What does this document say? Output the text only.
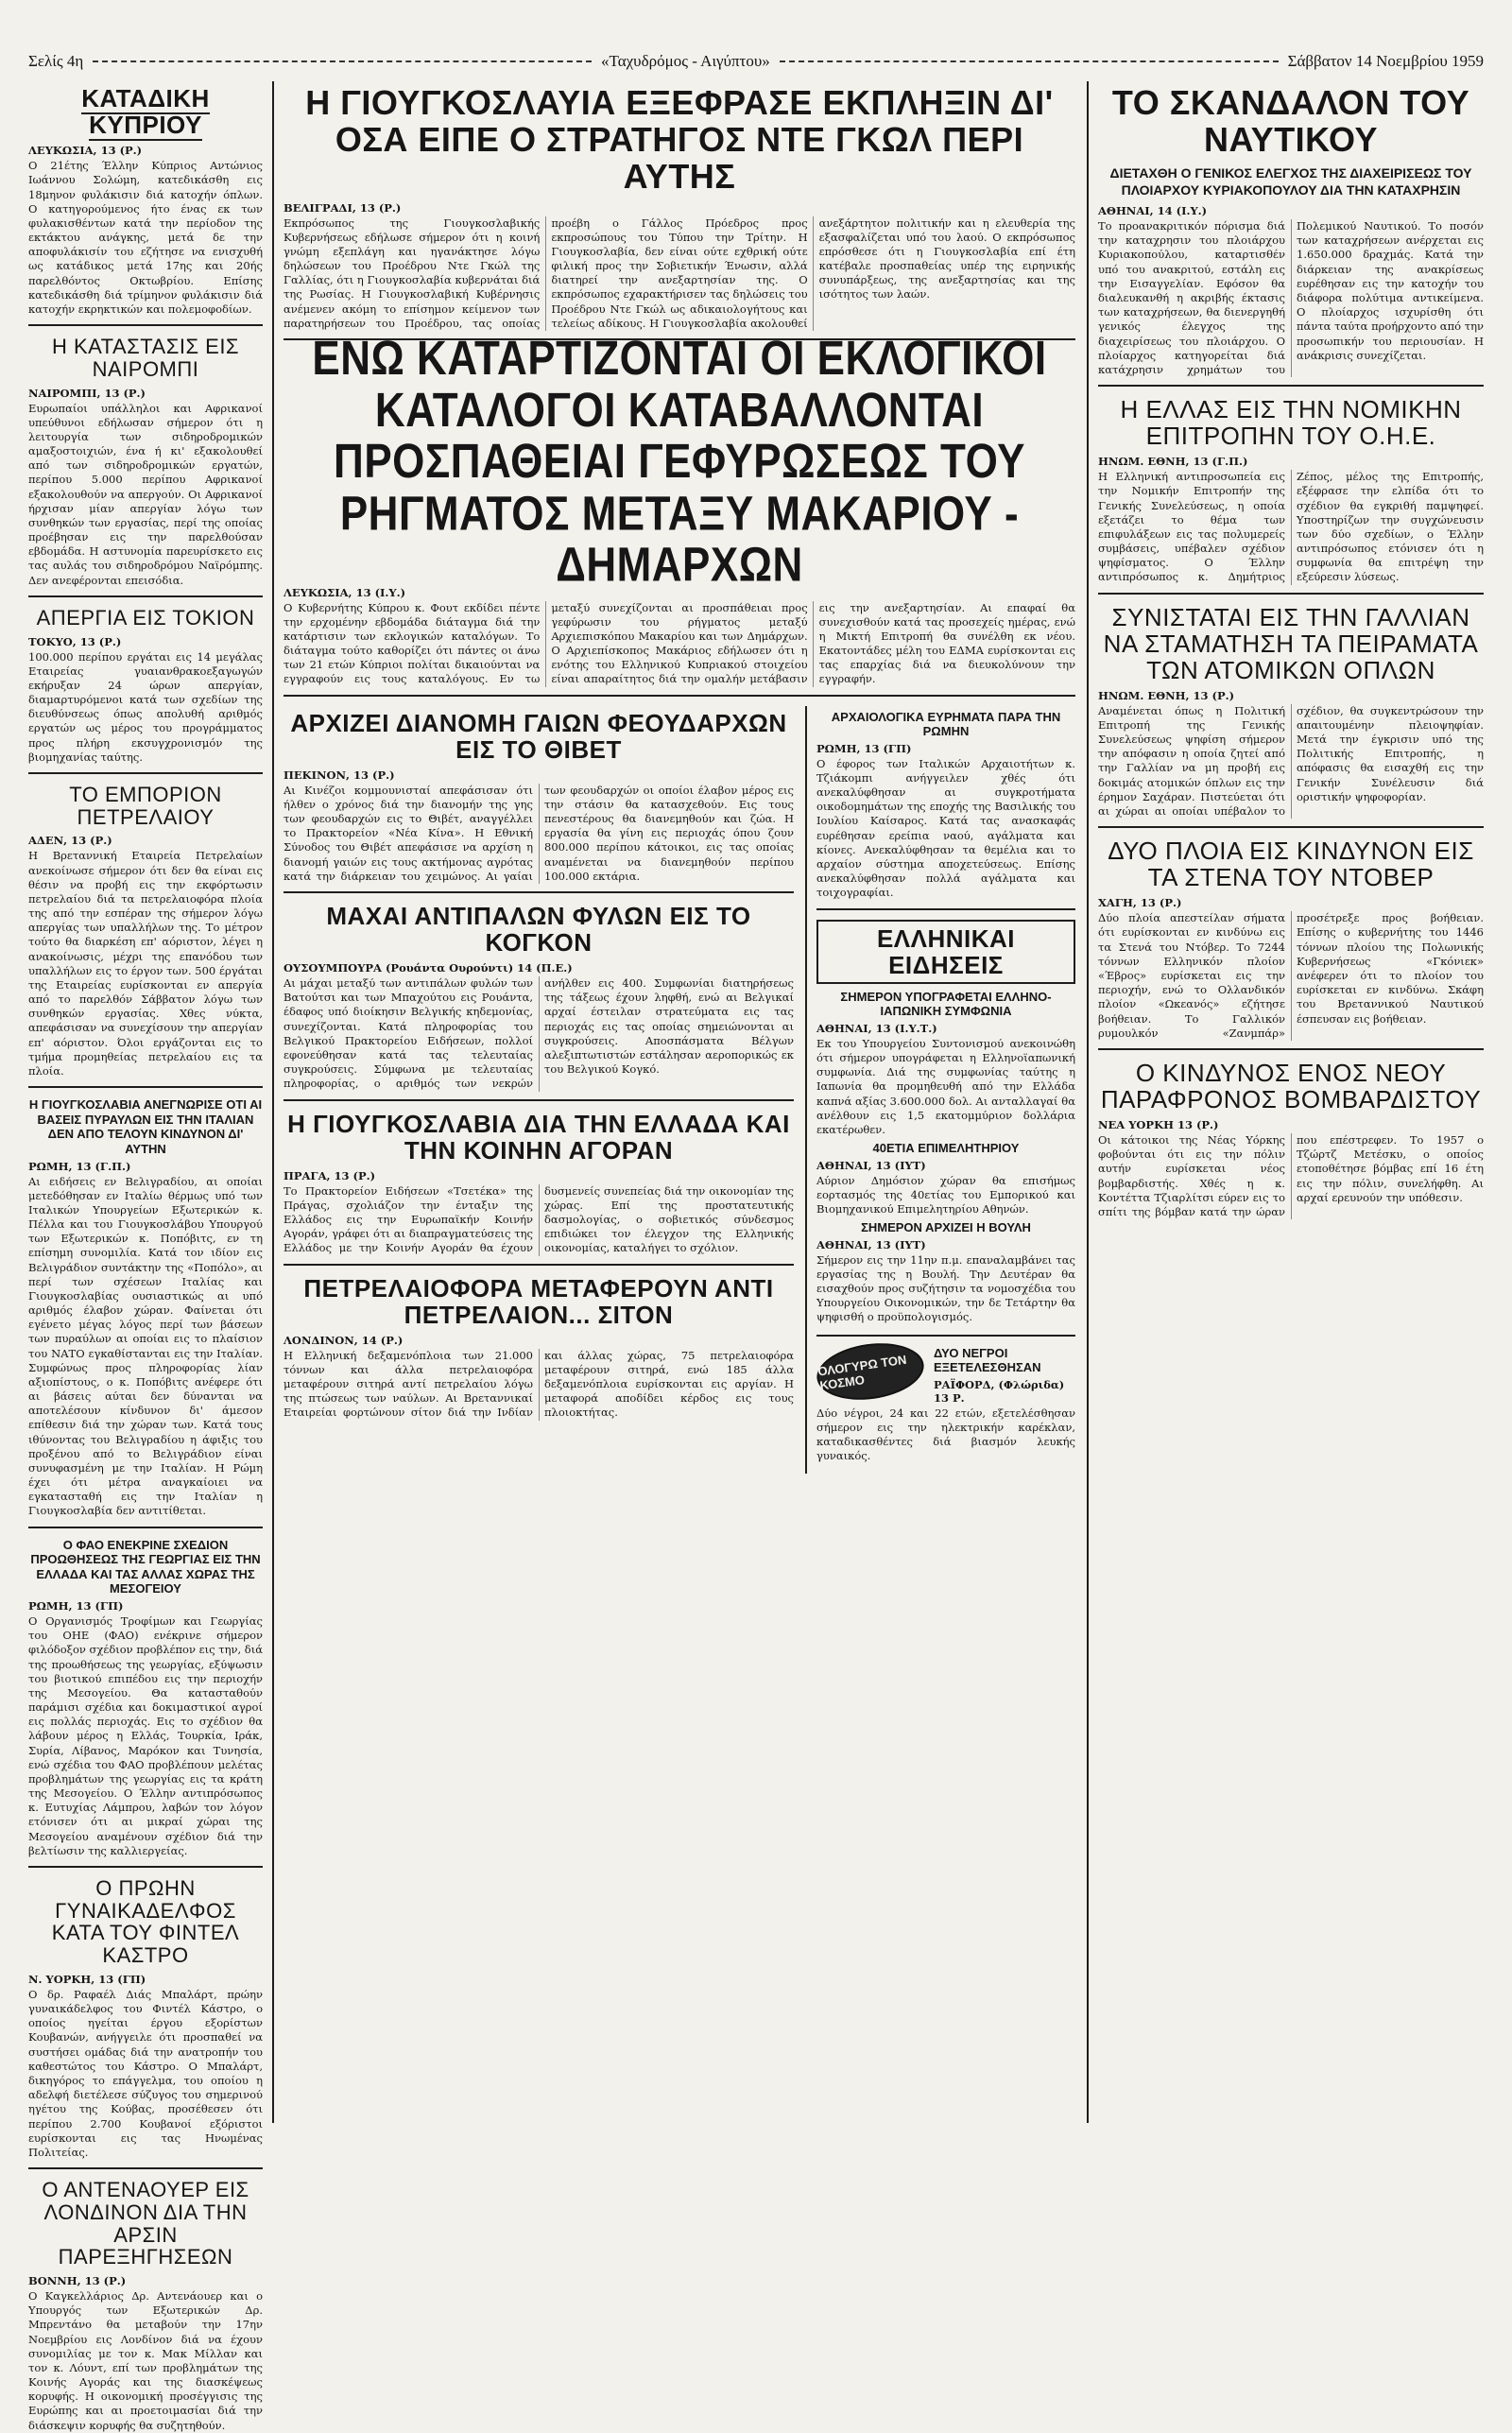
Σελίς 4η	«Ταχυδρόμος - Αιγύπτου»	Σάββατον 14 Νοεμβρίου 1959
ΚΑΤΑΔΙΚΗ ΚΥΠΡΙΟΥ
ΛΕΥΚΩΣΙΑ, 13 (Ρ.)

Ο 21έτης Έλλην Κύπριος Αντώνιος Ιωάννου Σολώμη, κατεδικάσθη εις 18μηνον φυλάκισιν διά κατοχήν όπλων. Ο κατηγορούμενος ήτο ένας εκ των φυλακισθέντων κατά την περίοδον της εκτάκτου ανάγκης, μετά δε την αποφυλάκισίν του εζήτησε να ενισχυθή ως κατάδικος μετά 17ης και 20ής παρελθόντος Οκτωβρίου. Επίσης κατεδικάσθη διά τρίμηνον φυλάκισιν διά κατοχήν εκρηκτικών και πολεμοφοδίων.

Η ΚΑΤΑΣΤΑΣΙΣ ΕΙΣ ΝΑΙΡΟΜΠΙ
ΝΑΙΡΟΜΠΙ, 13 (Ρ.)

Ευρωπαίοι υπάλληλοι και Αφρικανοί υπεύθυνοι εδήλωσαν σήμερον ότι η λειτουργία των σιδηροδρομικών αμαξοστοιχιών, ένα ή κι' εξακολουθεί από των σιδηροδρομικών εργατών, περίπου 5.000 περίπου Αφρικανοί εξακολουθούν να απεργούν. Οι Αφρικανοί ήρχισαν μίαν απεργίαν λόγω των συνθηκών των εργασίας, περί της οποίας προέβησαν εις την παρελθούσαν εβδομάδα. Η αστυνομία παρευρίσκετο εις τας αυλάς του σιδηροδρόμου Ναϊρόμπης. Δεν ανεφέρονται επεισόδια.

ΑΠΕΡΓΙΑ ΕΙΣ ΤΟΚΙΟΝ
ΤΟΚΥΟ, 13 (Ρ.)

100.000 περίπου εργάται εις 14 μεγάλας Εταιρείας γυαιανθρακοεξαγωγών εκήρυξαν 24 ώρων απεργίαν, διαμαρτυρόμενοι κατά των σχεδίων της διευθύνσεως όπως απολυθή αριθμός εργατών ως μέρος του προγράμματος προς πλήρη εκσυγχρονισμόν της βιομηχανίας ταύτης.

ΤΟ ΕΜΠΟΡΙΟΝ ΠΕΤΡΕΛΑΙΟΥ
ΑΔΕΝ, 13 (Ρ.)

Η Βρεταννική Εταιρεία Πετρελαίων ανεκοίνωσε σήμερον ότι δεν θα είναι εις θέσιν να προβή εις την εκφόρτωσιν πετρελαίου διά τα πετρελαιοφόρα πλοία της από την εσπέραν της σήμερον λόγω απεργίας των υπαλλήλων της. Το μέτρον τούτο θα διαρκέση επ' αόριστον, λέγει η ανακοίνωσις, μέχρι της επανόδου των υπαλλήλων εις το έργον των. 500 έργάται της Εταιρείας ευρίσκονται εν απεργία από το παρελθόν Σάββατον λόγω των συνθηκών εργασίας. Χθες νύκτα, απεφάσισαν να συνεχίσουν την απεργίαν επ' αόριστον. Όλοι εργάζονται εις το τμήμα προμηθείας πετρελαίου εις τα πλοία.

Η ΓΙΟΥΓΚΟΣΛΑΒΙΑ ΑΝΕΓΝΩΡΙΣΕ ΟΤΙ ΑΙ ΒΑΣΕΙΣ ΠΥΡΑΥΛΩΝ ΕΙΣ ΤΗΝ ΙΤΑΛΙΑΝ ΔΕΝ ΑΠΟ ΤΕΛΟΥΝ ΚΙΝΔΥΝΟΝ ΔΙ' ΑΥΤΗΝ
ΡΩΜΗ, 13 (Γ.Π.)

Αι ειδήσεις εν Βελιγραδίου, αι οποίαι μετεδόθησαν εν Ιταλίω θέρμως υπό των Ιταλικών Υπουργείων Εξωτερικών κ. Πέλλα και του Γιουγκοσλάβου Υπουργού των Εξωτερικών κ. Ποπόβιτς, εν τη επίσημη συνομιλία. Κατά τον ιδίον εις Βελιγράδιον συντάκτην της «Ποπόλο», αι περί των σχέσεων Ιταλίας και Γιουγκοσλαβίας ουσιαστικώς αι υπό αριθμός έλαβον χώραν. Φαίνεται ότι εγένετο μέγας λόγος περί των βάσεων των πυραύλων αι οποίαι εις το πλαίσιον του ΝΑΤΟ εγκαθίστανται εις την Ιταλίαν. Συμφώνως προς πληροφορίας λίαν αξιοπίστους, ο κ. Ποπόβιτς ανέφερε ότι αι βάσεις αύται δεν δύνανται να αποτελέσουν κίνδυνον δι' άμεσον επίθεσιν διά την χώραν των. Κατά τους ιθύνοντας του Βελιγραδίου η άφιξις του προξένου από το Βελιγράδιον είναι συνυφασμένη με την Ιταλίαν. Η Ρώμη έχει ότι μέτρα αναγκαίοιει να εγκατασταθή εις την Ιταλίαν η Γιουγκοσλαβία δεν αντιτίθεται.

Ο ΦΑΟ ΕΝΕΚΡΙΝΕ ΣΧΕΔΙΟΝ ΠΡΟΩΘΗΣΕΩΣ ΤΗΣ ΓΕΩΡΓΙΑΣ ΕΙΣ ΤΗΝ ΕΛΛΑΔΑ ΚΑΙ ΤΑΣ ΑΛΛΑΣ ΧΩΡΑΣ ΤΗΣ ΜΕΣΟΓΕΙΟΥ
ΡΩΜΗ, 13 (ΓΠ)

Ο Οργανισμός Τροφίμων και Γεωργίας του ΟΗΕ (ΦΑΟ) ενέκρινε σήμερον φιλόδοξον σχέδιον προβλέπον εις την, διά της προωθήσεως της γεωργίας, εξύψωσιν του βιοτικού επιπέδου εις την περιοχήν της Μεσογείου. Θα κατασταθούν παράμισι σχέδια και δοκιμαστικοί αγροί εις πολλάς περιοχάς. Εις το σχέδιον θα λάβουν μέρος η Ελλάς, Τουρκία, Ιράκ, Συρία, Λίβανος, Μαρόκον και Τυνησία, ενώ σχέδια του ΦΑΟ προβλέπουν μελέτας προβλημάτων της γεωργίας εις τα κράτη της Μεσογείου. Ο Έλλην αντιπρόσωπος κ. Ευτυχίας Λάμπρου, λαβών τον λόγον ετόνισεν ότι αι μικραί χώραι της Μεσογείου αναμένουν σχέδιον διά την βελτίωσιν της καλλιεργείας.

Ο ΠΡΩΗΝ ΓΥΝΑΙΚΑΔΕΛΦΟΣ ΚΑΤΑ ΤΟΥ ΦΙΝΤΕΛ ΚΑΣΤΡΟ
Ν. ΥΟΡΚΗ, 13 (ΓΠ)

Ο δρ. Ραφαέλ Διάς Μπαλάρτ, πρώην γυναικάδελφος του Φιντέλ Κάστρο, ο οποίος ηγείται έργου εξορίστων Κουβανών, ανήγγειλε ότι προσπαθεί να συστήσει ομάδας διά την ανατροπήν του καθεστώτος του Κάστρο. Ο Μπαλάρτ, δικηγόρος το επάγγελμα, του οποίου η αδελφή διετέλεσε σύζυγος του σημερινού ηγέτου της Κούβας, προσέθεσεν ότι περίπου 2.700 Κουβανοί εξόριστοι ευρίσκονται εις τας Ηνωμένας Πολιτείας.

Ο ΑΝΤΕΝΑΟΥΕΡ ΕΙΣ ΛΟΝΔΙΝΟΝ ΔΙΑ ΤΗΝ ΑΡΣΙΝ ΠΑΡΕΞΗΓΗΣΕΩΝ
ΒΟΝΝΗ, 13 (Ρ.)

Ο Καγκελλάριος Δρ. Αντενάουερ και ο Υπουργός των Εξωτερικών Δρ. Μπρεντάνο θα μεταβούν την 17ην Νοεμβρίου εις Λονδίνον διά να έχουν συνομιλίας με τον κ. Μακ Μίλλαν και τον κ. Λόυντ, επί των προβλημάτων της Κοινής Αγοράς και της διασκέψεως κορυφής. Η οικονομική προσέγγισις της Ευρώπης και αι προετοιμασίαι διά την διάσκεψιν κορυφής θα συζητηθούν.

Η ΓΙΟΥΓΚΟΣΛΑΥΙΑ ΕΞΕΦΡΑΣΕ ΕΚΠΛΗΞΙΝ ΔΙ' ΟΣΑ ΕΙΠΕ Ο ΣΤΡΑΤΗΓΟΣ ΝΤΕ ΓΚΩΛ ΠΕΡΙ ΑΥΤΗΣ
ΒΕΛΙΓΡΑΔΙ, 13 (Ρ.)

Εκπρόσωπος της Γιουγκοσλαβικής Κυβερνήσεως εδήλωσε σήμερον ότι η κοινή γνώμη εξεπλάγη και ηγανάκτησε λόγω δηλώσεων του Προέδρου Ντε Γκώλ της Γαλλίας, ότι η Γιουγκοσλαβία κυβερνάται διά της Ρωσίας. Η Γιουγκοσλαβική Κυβέρνησις ανέμενεν ακόμη το επίσημον κείμενον των παρατηρήσεων του Προέδρου, τας οποίας προέβη ο Γάλλος Πρόεδρος προς εκπροσώπους του Τύπου την Τρίτην. Η Γιουγκοσλαβία, δεν είναι ούτε εχθρική ούτε φιλική προς την Σοβιετικήν Ένωσιν, αλλά διατηρεί την ανεξαρτησίαν της. Ο εκπρόσωπος εχαρακτήρισεν τας δηλώσεις του Προέδρου Ντε Γκώλ ως αδικαιολογήτους και τελείως αδίκους. Η Γιουγκοσλαβία ακολουθεί ανεξάρτητον πολιτικήν και η ελευθερία της εξασφαλίζεται υπό του λαού. Ο εκπρόσωπος επρόσθεσε ότι η Γιουγκοσλαβία επί έτη κατέβαλε προσπαθείας υπέρ της ειρηνικής συνυπάρξεως, της ανεξαρτησίας και της ισότητος των λαών.

ΕΝΩ ΚΑΤΑΡΤΙΖΟΝΤΑΙ ΟΙ ΕΚΛΟΓΙΚΟΙ ΚΑΤΑΛΟΓΟΙ ΚΑΤΑΒΑΛΛΟΝΤΑΙ ΠΡΟΣΠΑΘΕΙΑΙ ΓΕΦΥΡΩΣΕΩΣ ΤΟΥ ΡΗΓΜΑΤΟΣ ΜΕΤΑΞΥ ΜΑΚΑΡΙΟΥ - ΔΗΜΑΡΧΩΝ
ΛΕΥΚΩΣΙΑ, 13 (Ι.Υ.)

Ο Κυβερνήτης Κύπρου κ. Φουτ εκδίδει πέντε την ερχομένην εβδομάδα διάταγμα διά την κατάρτισιν των εκλογικών καταλόγων. Το διάταγμα τούτο καθορίζει ότι πάντες οι άνω των 21 ετών Κύπριοι πολίται δικαιούνται να εγγραφούν εις τους καταλόγους. Εν τω μεταξύ συνεχίζονται αι προσπάθειαι προς γεφύρωσιν του ρήγματος μεταξύ Αρχιεπισκόπου Μακαρίου και των Δημάρχων. Ο Αρχιεπίσκοπος Μακάριος εδήλωσεν ότι η ενότης του Ελληνικού Κυπριακού στοιχείου είναι απαραίτητος διά την ομαλήν μετάβασιν εις την ανεξαρτησίαν. Αι επαφαί θα συνεχισθούν κατά τας προσεχείς ημέρας, ενώ η Μικτή Επιτροπή θα συνέλθη εκ νέου. Εκατοντάδες μέλη του ΕΔΜΑ ευρίσκονται εις τας επαρχίας διά να διευκολύνουν την εγγραφήν.

ΑΡΧΙΖΕΙ ΔΙΑΝΟΜΗ ΓΑΙΩΝ ΦΕΟΥΔΑΡΧΩΝ ΕΙΣ ΤΟ ΘΙΒΕΤ
ΠΕΚΙΝΟΝ, 13 (Ρ.)

Αι Κινέζοι κομμουνισταί απεφάσισαν ότι ήλθεν ο χρόνος διά την διανομήν της γης των φεουδαρχών εις το Θιβέτ, αναγγέλλει το Πρακτορείον «Νέα Κίνα». Η Εθνική Σύνοδος του Θιβέτ απεφάσισε να αρχίση η διανομή γαιών εις τους ακτήμονας αγρότας κατά την διάρκειαν του χειμώνος. Αι γαίαι των φεουδαρχών οι οποίοι έλαβον μέρος εις την στάσιν θα κατασχεθούν. Εις τους πενεστέρους θα διανεμηθούν και ζώα. Η εργασία θα γίνη εις περιοχάς όπου ζουν 800.000 περίπου κάτοικοι, εις τας οποίας αναμένεται να διανεμηθούν περίπου 100.000 εκτάρια.

ΜΑΧΑΙ ΑΝΤΙΠΑΛΩΝ ΦΥΛΩΝ ΕΙΣ ΤΟ ΚΟΓΚΟΝ
ΟΥΣΟΥΜΠΟΥΡΑ (Ρουάντα Ουρούντι) 14 (Π.Ε.)

Αι μάχαι μεταξύ των αντιπάλων φυλών των Βατούτσι και των Μπαχούτου εις Ρουάντα, έδαφος υπό διοίκησιν Βελγικής κηδεμονίας, συνεχίζονται. Κατά πληροφορίας του Βελγικού Πρακτορείου Ειδήσεων, πολλοί εφονεύθησαν κατά τας τελευταίας συγκρούσεις. Σύμφωνα με τελευταίας πληροφορίας, ο αριθμός των νεκρών ανήλθεν εις 400. Συμφωνίαι διατηρήσεως της τάξεως έχουν ληφθή, ενώ αι Βελγικαί αρχαί έστειλαν στρατεύματα εις τας περιοχάς εις τας οποίας σημειώνονται αι συγκρούσεις. Αποσπάσματα Βέλγων αλεξιπτωτιστών εστάλησαν αεροπορικώς εκ του Βελγικού Κογκό.

Η ΓΙΟΥΓΚΟΣΛΑΒΙΑ ΔΙΑ ΤΗΝ ΕΛΛΑΔΑ ΚΑΙ ΤΗΝ ΚΟΙΝΗΝ ΑΓΟΡΑΝ
ΠΡΑΓΑ, 13 (Ρ.)

Το Πρακτορείον Ειδήσεων «Τσετέκα» της Πράγας, σχολιάζον την ένταξιν της Ελλάδος εις την Ευρωπαϊκήν Κοινήν Αγοράν, γράφει ότι αι διαπραγματεύσεις της Ελλάδος με την Κοινήν Αγοράν θα έχουν δυσμενείς συνεπείας διά την οικονομίαν της χώρας. Επί της προστατευτικής δασμολογίας, ο σοβιετικός σύνδεσμος επιδιώκει τον έλεγχον της Ελληνικής οικονομίας, καταλήγει το σχόλιον.

ΠΕΤΡΕΛΑΙΟΦΟΡΑ ΜΕΤΑΦΕΡΟΥΝ ΑΝΤΙ ΠΕΤΡΕΛΑΙΟΝ... ΣΙΤΟΝ
ΛΟΝΔΙΝΟΝ, 14 (Ρ.)

Η Ελληνική δεξαμενόπλοια των 21.000 τόννων και άλλα πετρελαιοφόρα μεταφέρουν σιτηρά αντί πετρελαίου λόγω της πτώσεως των ναύλων. Αι Βρεταννικαί Εταιρείαι φορτώνουν σίτον διά την Ινδίαν και άλλας χώρας, 75 πετρελαιοφόρα μεταφέρουν σιτηρά, ενώ 185 άλλα δεξαμενόπλοια ευρίσκονται εις αργίαν. Η μεταφορά αποδίδει κέρδος εις τους πλοιοκτήτας.

ΑΡΧΑΙΟΛΟΓΙΚΑ ΕΥΡΗΜΑΤΑ ΠΑΡΑ ΤΗΝ ΡΩΜΗΝ
ΡΩΜΗ, 13 (ΓΠ)

Ο έφορος των Ιταλικών Αρχαιοτήτων κ. Τζιάκομπι ανήγγειλεν χθές ότι ανεκαλύφθησαν αι συγκροτήματα οικοδομημάτων της εποχής της Βασιλικής του Ιουλίου Καίσαρος. Κατά τας ανασκαφάς ευρέθησαν ερείπια ναού, αγάλματα και κίονες. Ανεκαλύφθησαν τα θεμέλια και το αρχαίον σύστημα αποχετεύσεως. Επίσης ανεκαλύφθησαν πολλά αγάλματα και τοιχογραφίαι.

ΕΛΛΗΝΙΚΑΙ ΕΙΔΗΣΕΙΣ
ΣΗΜΕΡΟΝ ΥΠΟΓΡΑΦΕΤΑΙ ΕΛΛΗΝΟ-ΙΑΠΩΝΙΚΗ ΣΥΜΦΩΝΙΑ
ΑΘΗΝΑΙ, 13 (Ι.Υ.Τ.)

Εκ του Υπουργείου Συντονισμού ανεκοινώθη ότι σήμερον υπογράφεται η Ελληνοϊαπωνική συμφωνία. Διά της συμφωνίας ταύτης η Ιαπωνία θα προμηθευθή από την Ελλάδα καπνά αξίας 3.600.000 δολ. Αι ανταλλαγαί θα ανέλθουν εις 1,5 εκατομμύριον δολλάρια εκατέρωθεν.

40ΕΤΙΑ ΕΠΙΜΕΛΗΤΗΡΙΟΥ
ΑΘΗΝΑΙ, 13 (ΙΥΤ)

Αύριον Δημόσιον χώραν θα επισήμως εορτασμός της 40ετίας του Εμπορικού και Βιομηχανικού Επιμελητηρίου Αθηνών.

ΣΗΜΕΡΟΝ ΑΡΧΙΖΕΙ Η ΒΟΥΛΗ
ΑΘΗΝΑΙ, 13 (ΙΥΤ)

Σήμερον εις την 11ην π.μ. επαναλαμβάνει τας εργασίας της η Βουλή. Την Δευτέραν θα εισαχθούν προς συζήτησιν τα νομοσχέδια του Υπουργείου Οικονομικών, την δε Τετάρτην θα ψηφισθή ο προϋπολογισμός.

ΟΛΟΓΥΡΩ ΤΟΝ ΚΟΣΜΟ
ΔΥΟ ΝΕΓΡΟΙ ΕΞΕΤΕΛΕΣΘΗΣΑΝ
ΡΑΪΦΟΡΔ, (Φλώριδα) 13 Ρ.

Δύο νέγροι, 24 και 22 ετών, εξετελέσθησαν σήμερον εις την ηλεκτρικήν καρέκλαν, καταδικασθέντες διά βιασμόν λευκής γυναικός.

ΤΟ ΣΚΑΝΔΑΛΟΝ ΤΟΥ ΝΑΥΤΙΚΟΥ
ΔΙΕΤΑΧΘΗ Ο ΓΕΝΙΚΟΣ ΕΛΕΓΧΟΣ ΤΗΣ ΔΙΑΧΕΙΡΙΣΕΩΣ ΤΟΥ ΠΛΟΙΑΡΧΟΥ ΚΥΡΙΑΚΟΠΟΥΛΟΥ ΔΙΑ ΤΗΝ ΚΑΤΑΧΡΗΣΙΝ
ΑΘΗΝΑΙ, 14 (Ι.Υ.)

Το προανακριτικόν πόρισμα διά την καταχρησιν του πλοιάρχου Κυριακοπούλου, καταρτισθέν υπό του ανακριτού, εστάλη εις την Εισαγγελίαν. Εφόσον θα διαλευκανθή η ακριβής έκτασις των καταχρήσεων, θα διενεργηθή γενικός έλεγχος της διαχειρίσεως του πλοιάρχου. Ο πλοίαρχος κατηγορείται διά κατάχρησιν χρημάτων του Πολεμικού Ναυτικού. Το ποσόν των καταχρήσεων ανέρχεται εις 1.650.000 δραχμάς. Κατά την διάρκειαν της ανακρίσεως ευρέθησαν εις την κατοχήν του διάφορα πολύτιμα αντικείμενα. Ο πλοίαρχος ισχυρίσθη ότι πάντα ταύτα προήρχοντο από την προσωπικήν του περιουσίαν. Η ανάκρισις συνεχίζεται.

Η ΕΛΛΑΣ ΕΙΣ ΤΗΝ ΝΟΜΙΚΗΝ ΕΠΙΤΡΟΠΗΝ ΤΟΥ Ο.Η.Ε.
ΗΝΩΜ. ΕΘΝΗ, 13 (Γ.Π.)

Η Ελληνική αντιπροσωπεία εις την Νομικήν Επιτροπήν της Γενικής Συνελεύσεως, η οποία εξετάζει το θέμα των επιφυλάξεων εις τας πολυμερείς συμβάσεις, υπέβαλεν σχέδιον ψηφίσματος. Ο Έλλην αντιπρόσωπος κ. Δημήτριος Ζέπος, μέλος της Επιτροπής, εξέφρασε την ελπίδα ότι το σχέδιον θα εγκριθή παμψηφεί. Υποστηρίζων την συγχώνευσιν των δύο σχεδίων, ο Έλλην αντιπρόσωπος ετόνισεν ότι η συμφωνία θα επιτρέψη την εξεύρεσιν λύσεως.

ΣΥΝΙΣΤΑΤΑΙ ΕΙΣ ΤΗΝ ΓΑΛΛΙΑΝ ΝΑ ΣΤΑΜΑΤΗΣΗ ΤΑ ΠΕΙΡΑΜΑΤΑ ΤΩΝ ΑΤΟΜΙΚΩΝ ΟΠΛΩΝ
ΗΝΩΜ. ΕΘΝΗ, 13 (Ρ.)

Αναμένεται όπως η Πολιτική Επιτροπή της Γενικής Συνελεύσεως ψηφίση σήμερον την απόφασιν η οποία ζητεί από την Γαλλίαν να μη προβή εις δοκιμάς ατομικών όπλων εις την έρημον Σαχάραν. Πιστεύεται ότι αι χώραι αι οποίαι υπέβαλον το σχέδιον, θα συγκεντρώσουν την απαιτουμένην πλειοψηφίαν. Μετά την έγκρισιν υπό της Πολιτικής Επιτροπής, η απόφασις θα εισαχθή εις την Γενικήν Συνέλευσιν διά οριστικήν ψηφοφορίαν.

ΔΥΟ ΠΛΟΙΑ ΕΙΣ ΚΙΝΔΥΝΟΝ ΕΙΣ ΤΑ ΣΤΕΝΑ ΤΟΥ ΝΤΟΒΕΡ
ΧΑΓΗ, 13 (Ρ.)

Δύο πλοία απεστείλαν σήματα ότι ευρίσκονται εν κινδύνω εις τα Στενά του Ντόβερ. Το 7244 τόννων Ελληνικόν πλοίον «Έβρος» ευρίσκεται εις την περιοχήν, ενώ το Ολλανδικόν πλοίον «Ωκεανός» εζήτησε βοήθειαν. Το Γαλλικόν ρυμουλκόν «Ζανμπάρ» προσέτρεξε προς βοήθειαν. Επίσης ο κυβερνήτης του 1446 τόννων πλοίου της Πολωνικής Κυβερνήσεως «Γκόνιεκ» ανέφερεν ότι το πλοίον του ευρίσκεται εν κινδύνω. Σκάφη του Βρεταννικού Ναυτικού έσπευσαν εις βοήθειαν.

Ο ΚΙΝΔΥΝΟΣ ΕΝΟΣ ΝΕΟΥ ΠΑΡΑΦΡΟΝΟΣ ΒΟΜΒΑΡΔΙΣΤΟΥ
ΝΕΑ ΥΟΡΚΗ 13 (Ρ.)

Οι κάτοικοι της Νέας Υόρκης φοβούνται ότι εις την πόλιν αυτήν ευρίσκεται νέος βομβαρδιστής. Χθές η κ. Κοντέττα Τζιαρλίτσι εύρεν εις το σπίτι της βόμβαν κατά την ώραν που επέστρεφεν. Το 1957 ο Τζώρτζ Μετέσκυ, ο οποίος ετοποθέτησε βόμβας επί 16 έτη εις την πόλιν, συνελήφθη. Αι αρχαί ερευνούν την υπόθεσιν.
